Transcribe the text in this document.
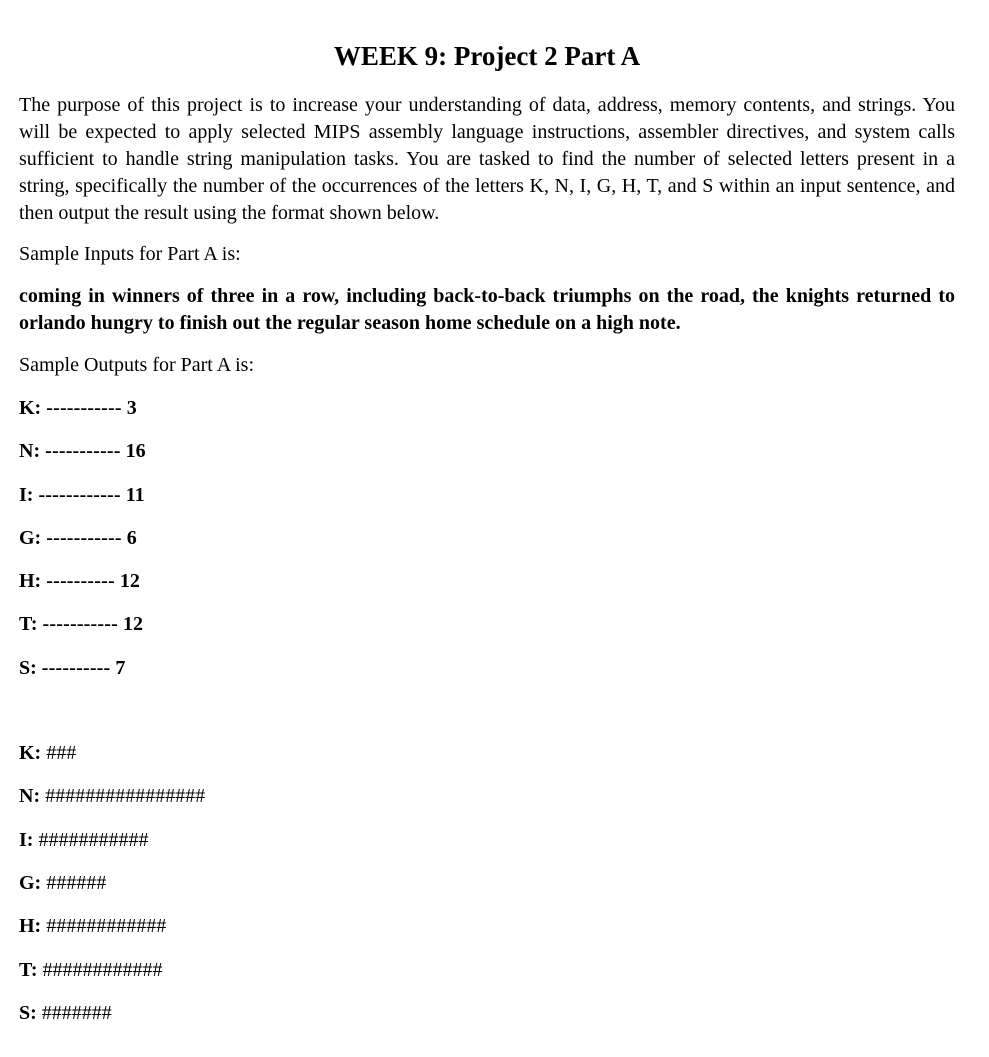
WEEK 9: Project 2 Part A

The purpose of this project is to increase your understanding of data, address, memory contents, and strings. You will be expected to apply selected MIPS assembly language instructions, assembler directives, and system calls sufficient to handle string manipulation tasks. You are tasked to find the number of selected letters present in a string, specifically the number of the occurrences of the letters K, N, I, G, H, T, and S within an input sentence, and then output the result using the format shown below.

Sample Inputs for Part A is:

coming in winners of three in a row, including back-to-back triumphs on the road, the knights returned to orlando hungry to finish out the regular season home schedule on a high note.

Sample Outputs for Part A is:

K: ----------- 3
N: ----------- 16
I: ------------ 11
G: ----------- 6
H: ---------- 12
T: ----------- 12
S: ---------- 7
K: ###
N: ################
I: ###########
G: ######
H: ############
T: ############
S: #######
